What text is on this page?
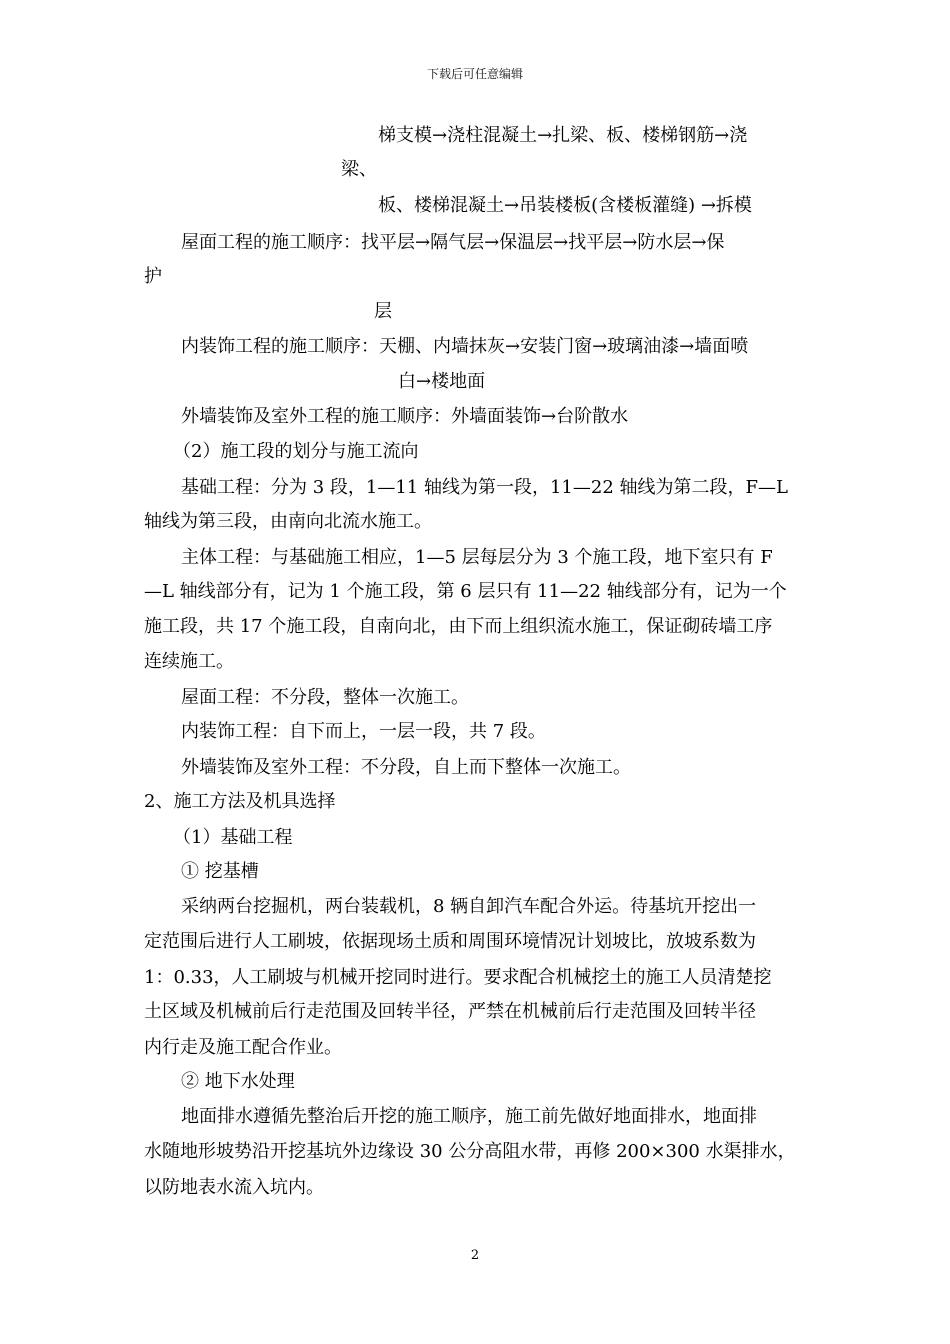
下载后可任意编辑
梯支模→浇柱混凝土→扎梁、板、楼梯钢筋→浇
梁、
板、楼梯混凝土→吊装楼板(含楼板灌缝) →拆模
屋面工程的施工顺序：找平层→隔气层→保温层→找平层→防水层→保
护
层
内装饰工程的施工顺序：天棚、内墙抹灰→安装门窗→玻璃油漆→墙面喷
白→楼地面
外墙装饰及室外工程的施工顺序：外墙面装饰→台阶散水
（2）施工段的划分与施工流向
基础工程：分为 3 段，1—11 轴线为第一段，11—22 轴线为第二段，F—L
轴线为第三段，由南向北流水施工。
主体工程：与基础施工相应，1—5 层每层分为 3 个施工段，地下室只有 F
—L 轴线部分有，记为 1 个施工段，第 6 层只有 11—22 轴线部分有，记为一个
施工段，共 17 个施工段，自南向北，由下而上组织流水施工，保证砌砖墙工序
连续施工。
屋面工程：不分段，整体一次施工。
内装饰工程：自下而上，一层一段，共 7 段。
外墙装饰及室外工程：不分段，自上而下整体一次施工。
2、施工方法及机具选择
（1）基础工程
① 挖基槽
采纳两台挖掘机，两台装载机，8 辆自卸汽车配合外运。待基坑开挖出一
定范围后进行人工刷坡，依据现场土质和周围环境情况计划坡比，放坡系数为
1：0.33，人工刷坡与机械开挖同时进行。要求配合机械挖土的施工人员清楚挖
土区域及机械前后行走范围及回转半径，严禁在机械前后行走范围及回转半径
内行走及施工配合作业。
② 地下水处理
地面排水遵循先整治后开挖的施工顺序，施工前先做好地面排水，地面排
水随地形坡势沿开挖基坑外边缘设 30 公分高阻水带，再修 200×300 水渠排水，
以防地表水流入坑内。
2
